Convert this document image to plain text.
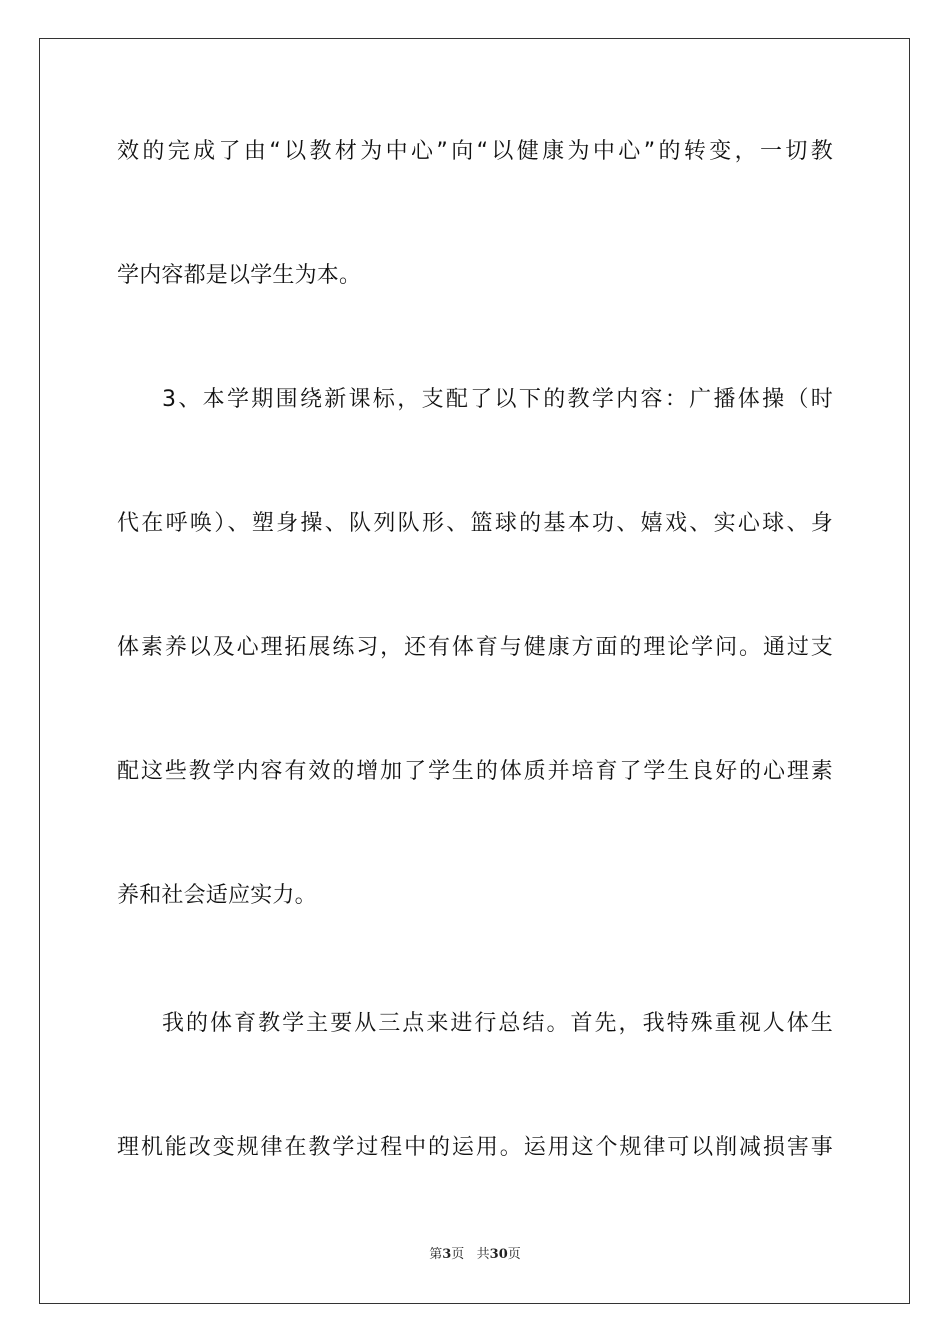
效的完成了由“以教材为中心”向“以健康为中心”的转变，一切教
学内容都是以学生为本。
3、本学期围绕新课标，支配了以下的教学内容：广播体操（时
代在呼唤）、塑身操、队列队形、篮球的基本功、嬉戏、实心球、身
体素养以及心理拓展练习，还有体育与健康方面的理论学问。通过支
配这些教学内容有效的增加了学生的体质并培育了学生良好的心理素
养和社会适应实力。
我的体育教学主要从三点来进行总结。首先，我特殊重视人体生
理机能改变规律在教学过程中的运用。运用这个规律可以削减损害事
第3页   共30页
